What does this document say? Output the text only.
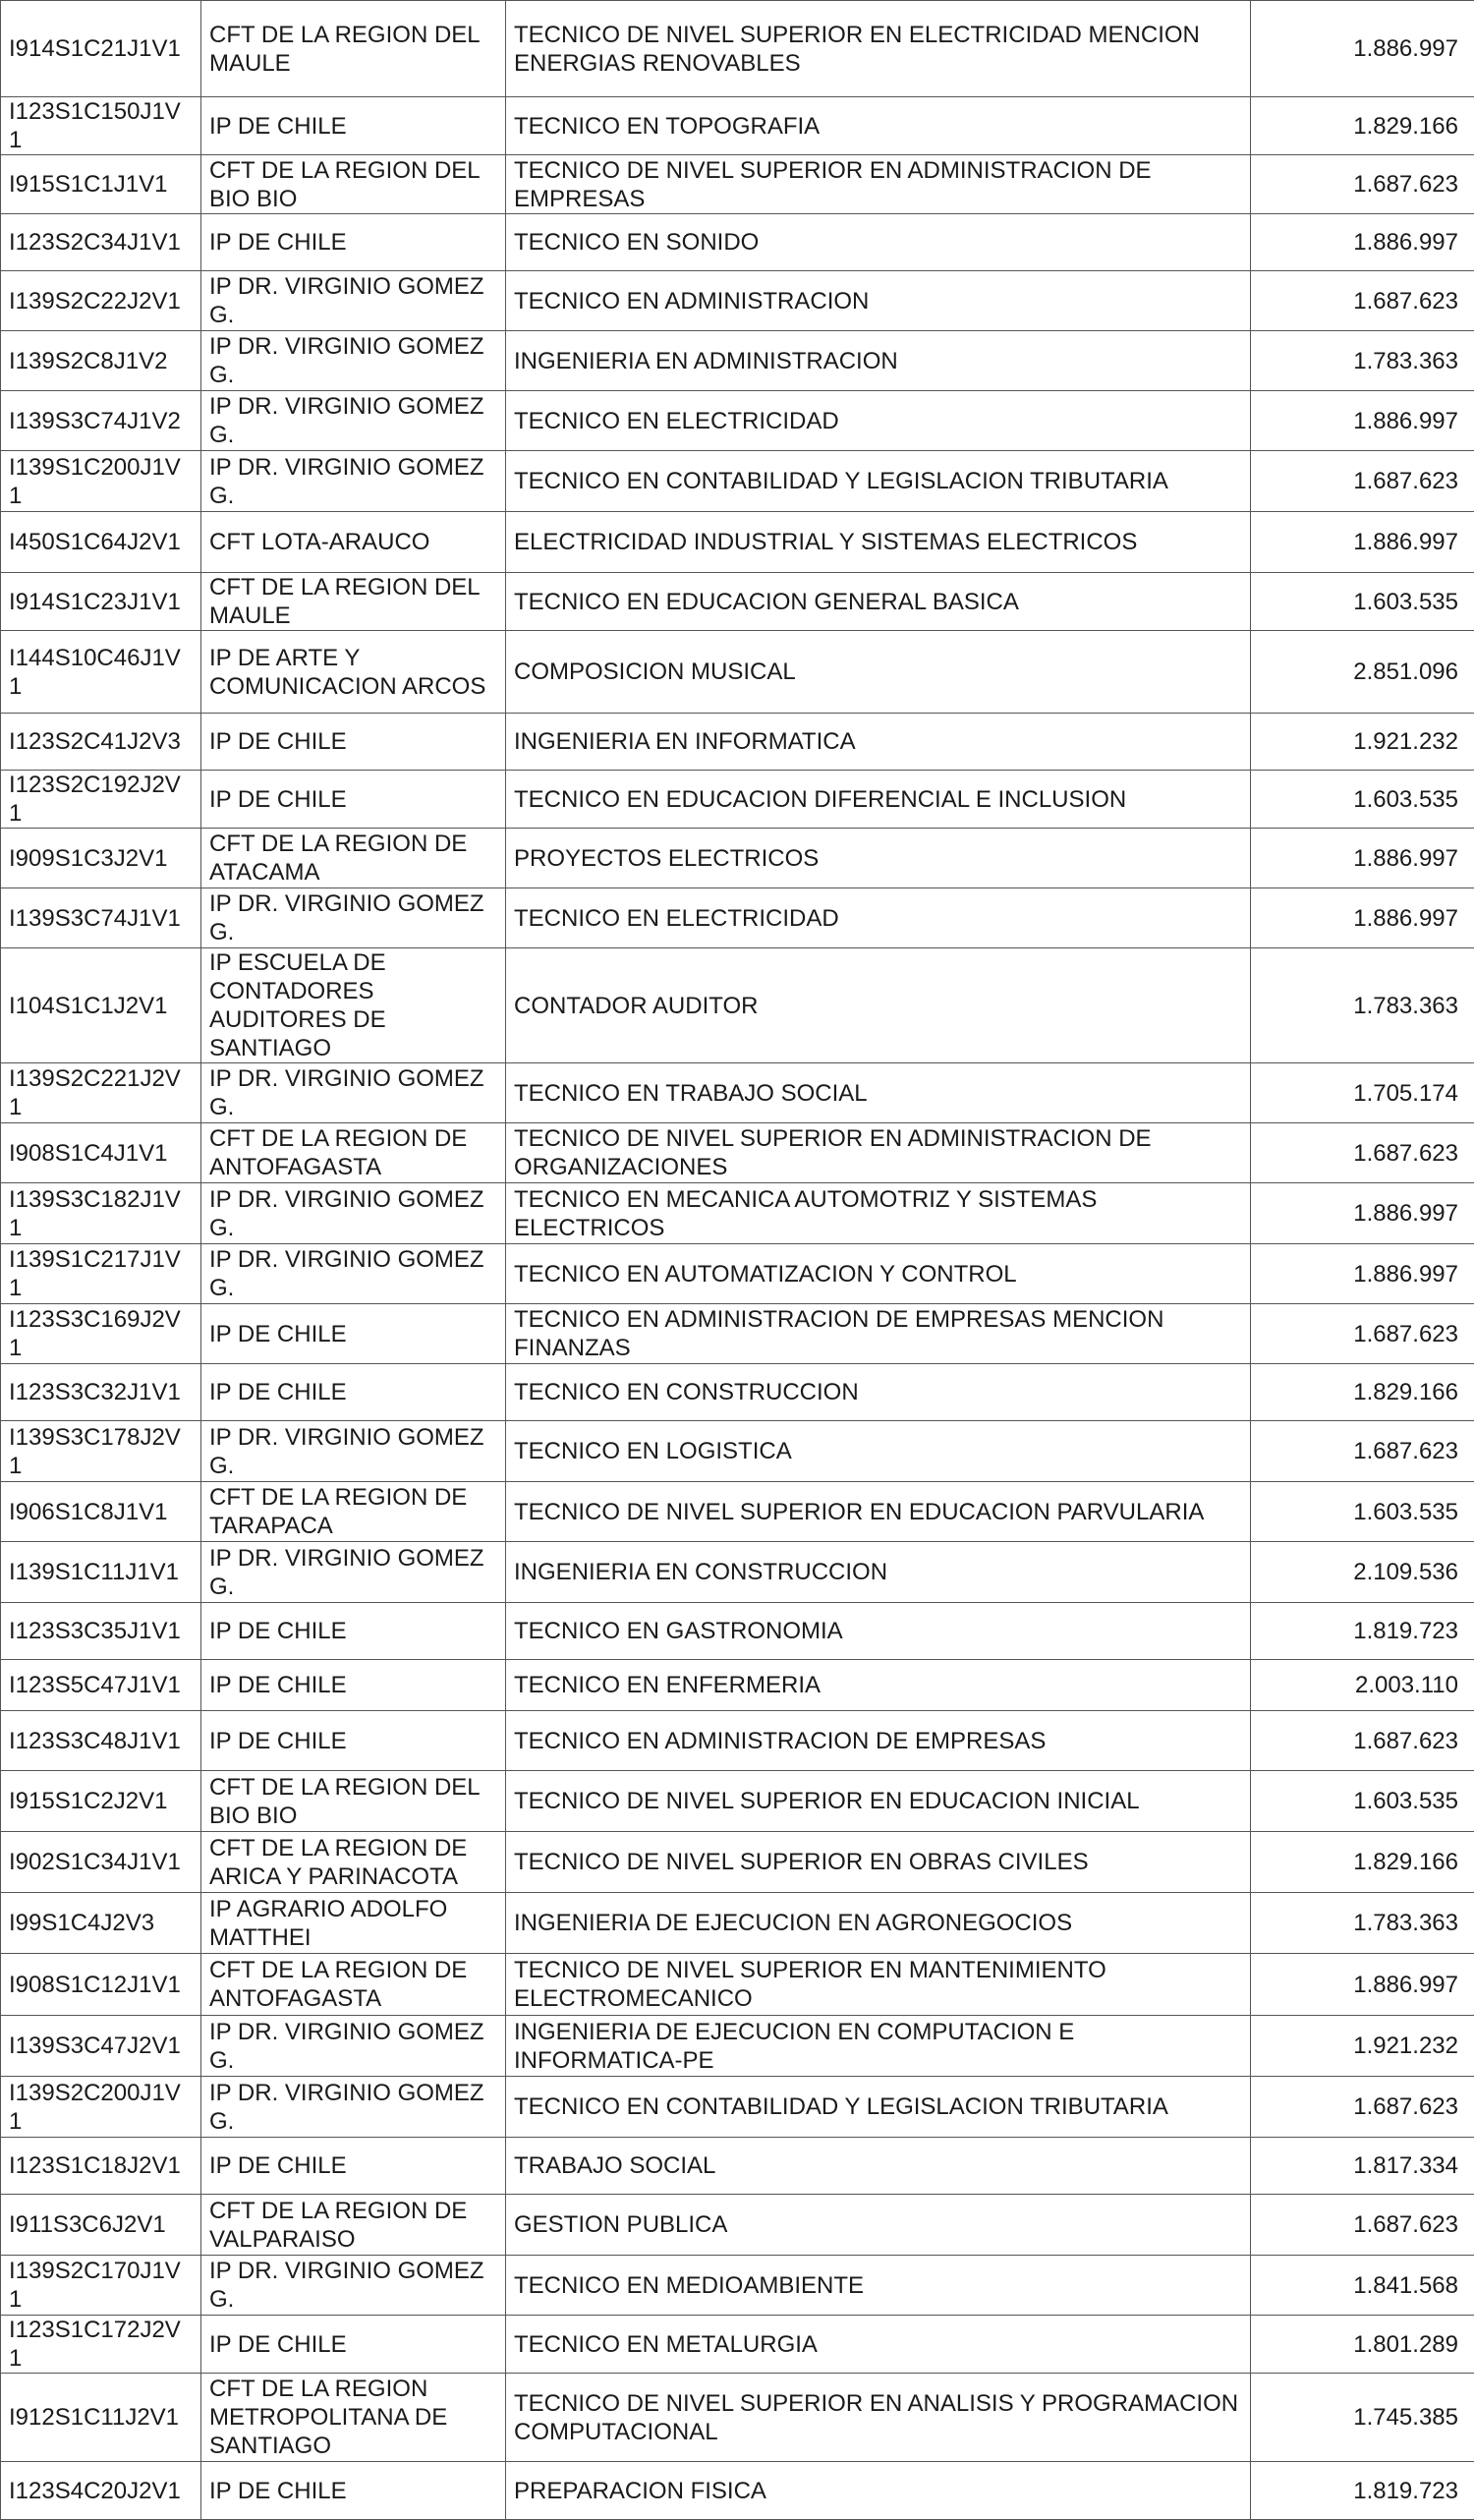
I914S1C21J1V1	CFT DE LA REGION DEL MAULE	TECNICO DE NIVEL SUPERIOR EN ELECTRICIDAD MENCION ENERGIAS RENOVABLES	1.886.997
I123S1C150J1V1	IP DE CHILE	TECNICO EN TOPOGRAFIA	1.829.166
I915S1C1J1V1	CFT DE LA REGION DEL BIO BIO	TECNICO DE NIVEL SUPERIOR EN ADMINISTRACION DE EMPRESAS	1.687.623
I123S2C34J1V1	IP DE CHILE	TECNICO EN SONIDO	1.886.997
I139S2C22J2V1	IP DR. VIRGINIO GOMEZ G.	TECNICO EN ADMINISTRACION	1.687.623
I139S2C8J1V2	IP DR. VIRGINIO GOMEZ G.	INGENIERIA EN ADMINISTRACION	1.783.363
I139S3C74J1V2	IP DR. VIRGINIO GOMEZ G.	TECNICO EN ELECTRICIDAD	1.886.997
I139S1C200J1V1	IP DR. VIRGINIO GOMEZ G.	TECNICO EN CONTABILIDAD Y LEGISLACION TRIBUTARIA	1.687.623
I450S1C64J2V1	CFT LOTA-ARAUCO	ELECTRICIDAD INDUSTRIAL Y SISTEMAS ELECTRICOS	1.886.997
I914S1C23J1V1	CFT DE LA REGION DEL MAULE	TECNICO EN EDUCACION GENERAL BASICA	1.603.535
I144S10C46J1V1	IP DE ARTE Y COMUNICACION ARCOS	COMPOSICION MUSICAL	2.851.096
I123S2C41J2V3	IP DE CHILE	INGENIERIA EN INFORMATICA	1.921.232
I123S2C192J2V1	IP DE CHILE	TECNICO EN EDUCACION DIFERENCIAL E INCLUSION	1.603.535
I909S1C3J2V1	CFT DE LA REGION DE ATACAMA	PROYECTOS ELECTRICOS	1.886.997
I139S3C74J1V1	IP DR. VIRGINIO GOMEZ G.	TECNICO EN ELECTRICIDAD	1.886.997
I104S1C1J2V1	IP ESCUELA DE CONTADORES AUDITORES DE SANTIAGO	CONTADOR AUDITOR	1.783.363
I139S2C221J2V1	IP DR. VIRGINIO GOMEZ G.	TECNICO EN TRABAJO SOCIAL	1.705.174
I908S1C4J1V1	CFT DE LA REGION DE ANTOFAGASTA	TECNICO DE NIVEL SUPERIOR EN ADMINISTRACION DE ORGANIZACIONES	1.687.623
I139S3C182J1V1	IP DR. VIRGINIO GOMEZ G.	TECNICO EN MECANICA AUTOMOTRIZ Y SISTEMAS ELECTRICOS	1.886.997
I139S1C217J1V1	IP DR. VIRGINIO GOMEZ G.	TECNICO EN AUTOMATIZACION Y CONTROL	1.886.997
I123S3C169J2V1	IP DE CHILE	TECNICO EN ADMINISTRACION DE EMPRESAS MENCION FINANZAS	1.687.623
I123S3C32J1V1	IP DE CHILE	TECNICO EN CONSTRUCCION	1.829.166
I139S3C178J2V1	IP DR. VIRGINIO GOMEZ G.	TECNICO EN LOGISTICA	1.687.623
I906S1C8J1V1	CFT DE LA REGION DE TARAPACA	TECNICO DE NIVEL SUPERIOR EN EDUCACION PARVULARIA	1.603.535
I139S1C11J1V1	IP DR. VIRGINIO GOMEZ G.	INGENIERIA EN CONSTRUCCION	2.109.536
I123S3C35J1V1	IP DE CHILE	TECNICO EN GASTRONOMIA	1.819.723
I123S5C47J1V1	IP DE CHILE	TECNICO EN ENFERMERIA	2.003.110
I123S3C48J1V1	IP DE CHILE	TECNICO EN ADMINISTRACION DE EMPRESAS	1.687.623
I915S1C2J2V1	CFT DE LA REGION DEL BIO BIO	TECNICO DE NIVEL SUPERIOR EN EDUCACION INICIAL	1.603.535
I902S1C34J1V1	CFT DE LA REGION DE ARICA Y PARINACOTA	TECNICO DE NIVEL SUPERIOR EN OBRAS CIVILES	1.829.166
I99S1C4J2V3	IP AGRARIO ADOLFO MATTHEI	INGENIERIA DE EJECUCION EN AGRONEGOCIOS	1.783.363
I908S1C12J1V1	CFT DE LA REGION DE ANTOFAGASTA	TECNICO DE NIVEL SUPERIOR EN MANTENIMIENTO ELECTROMECANICO	1.886.997
I139S3C47J2V1	IP DR. VIRGINIO GOMEZ G.	INGENIERIA DE EJECUCION EN COMPUTACION E INFORMATICA-PE	1.921.232
I139S2C200J1V1	IP DR. VIRGINIO GOMEZ G.	TECNICO EN CONTABILIDAD Y LEGISLACION TRIBUTARIA	1.687.623
I123S1C18J2V1	IP DE CHILE	TRABAJO SOCIAL	1.817.334
I911S3C6J2V1	CFT DE LA REGION DE VALPARAISO	GESTION PUBLICA	1.687.623
I139S2C170J1V1	IP DR. VIRGINIO GOMEZ G.	TECNICO EN MEDIOAMBIENTE	1.841.568
I123S1C172J2V1	IP DE CHILE	TECNICO EN METALURGIA	1.801.289
I912S1C11J2V1	CFT DE LA REGION METROPOLITANA DE SANTIAGO	TECNICO DE NIVEL SUPERIOR EN ANALISIS Y PROGRAMACION COMPUTACIONAL	1.745.385
I123S4C20J2V1	IP DE CHILE	PREPARACION FISICA	1.819.723
